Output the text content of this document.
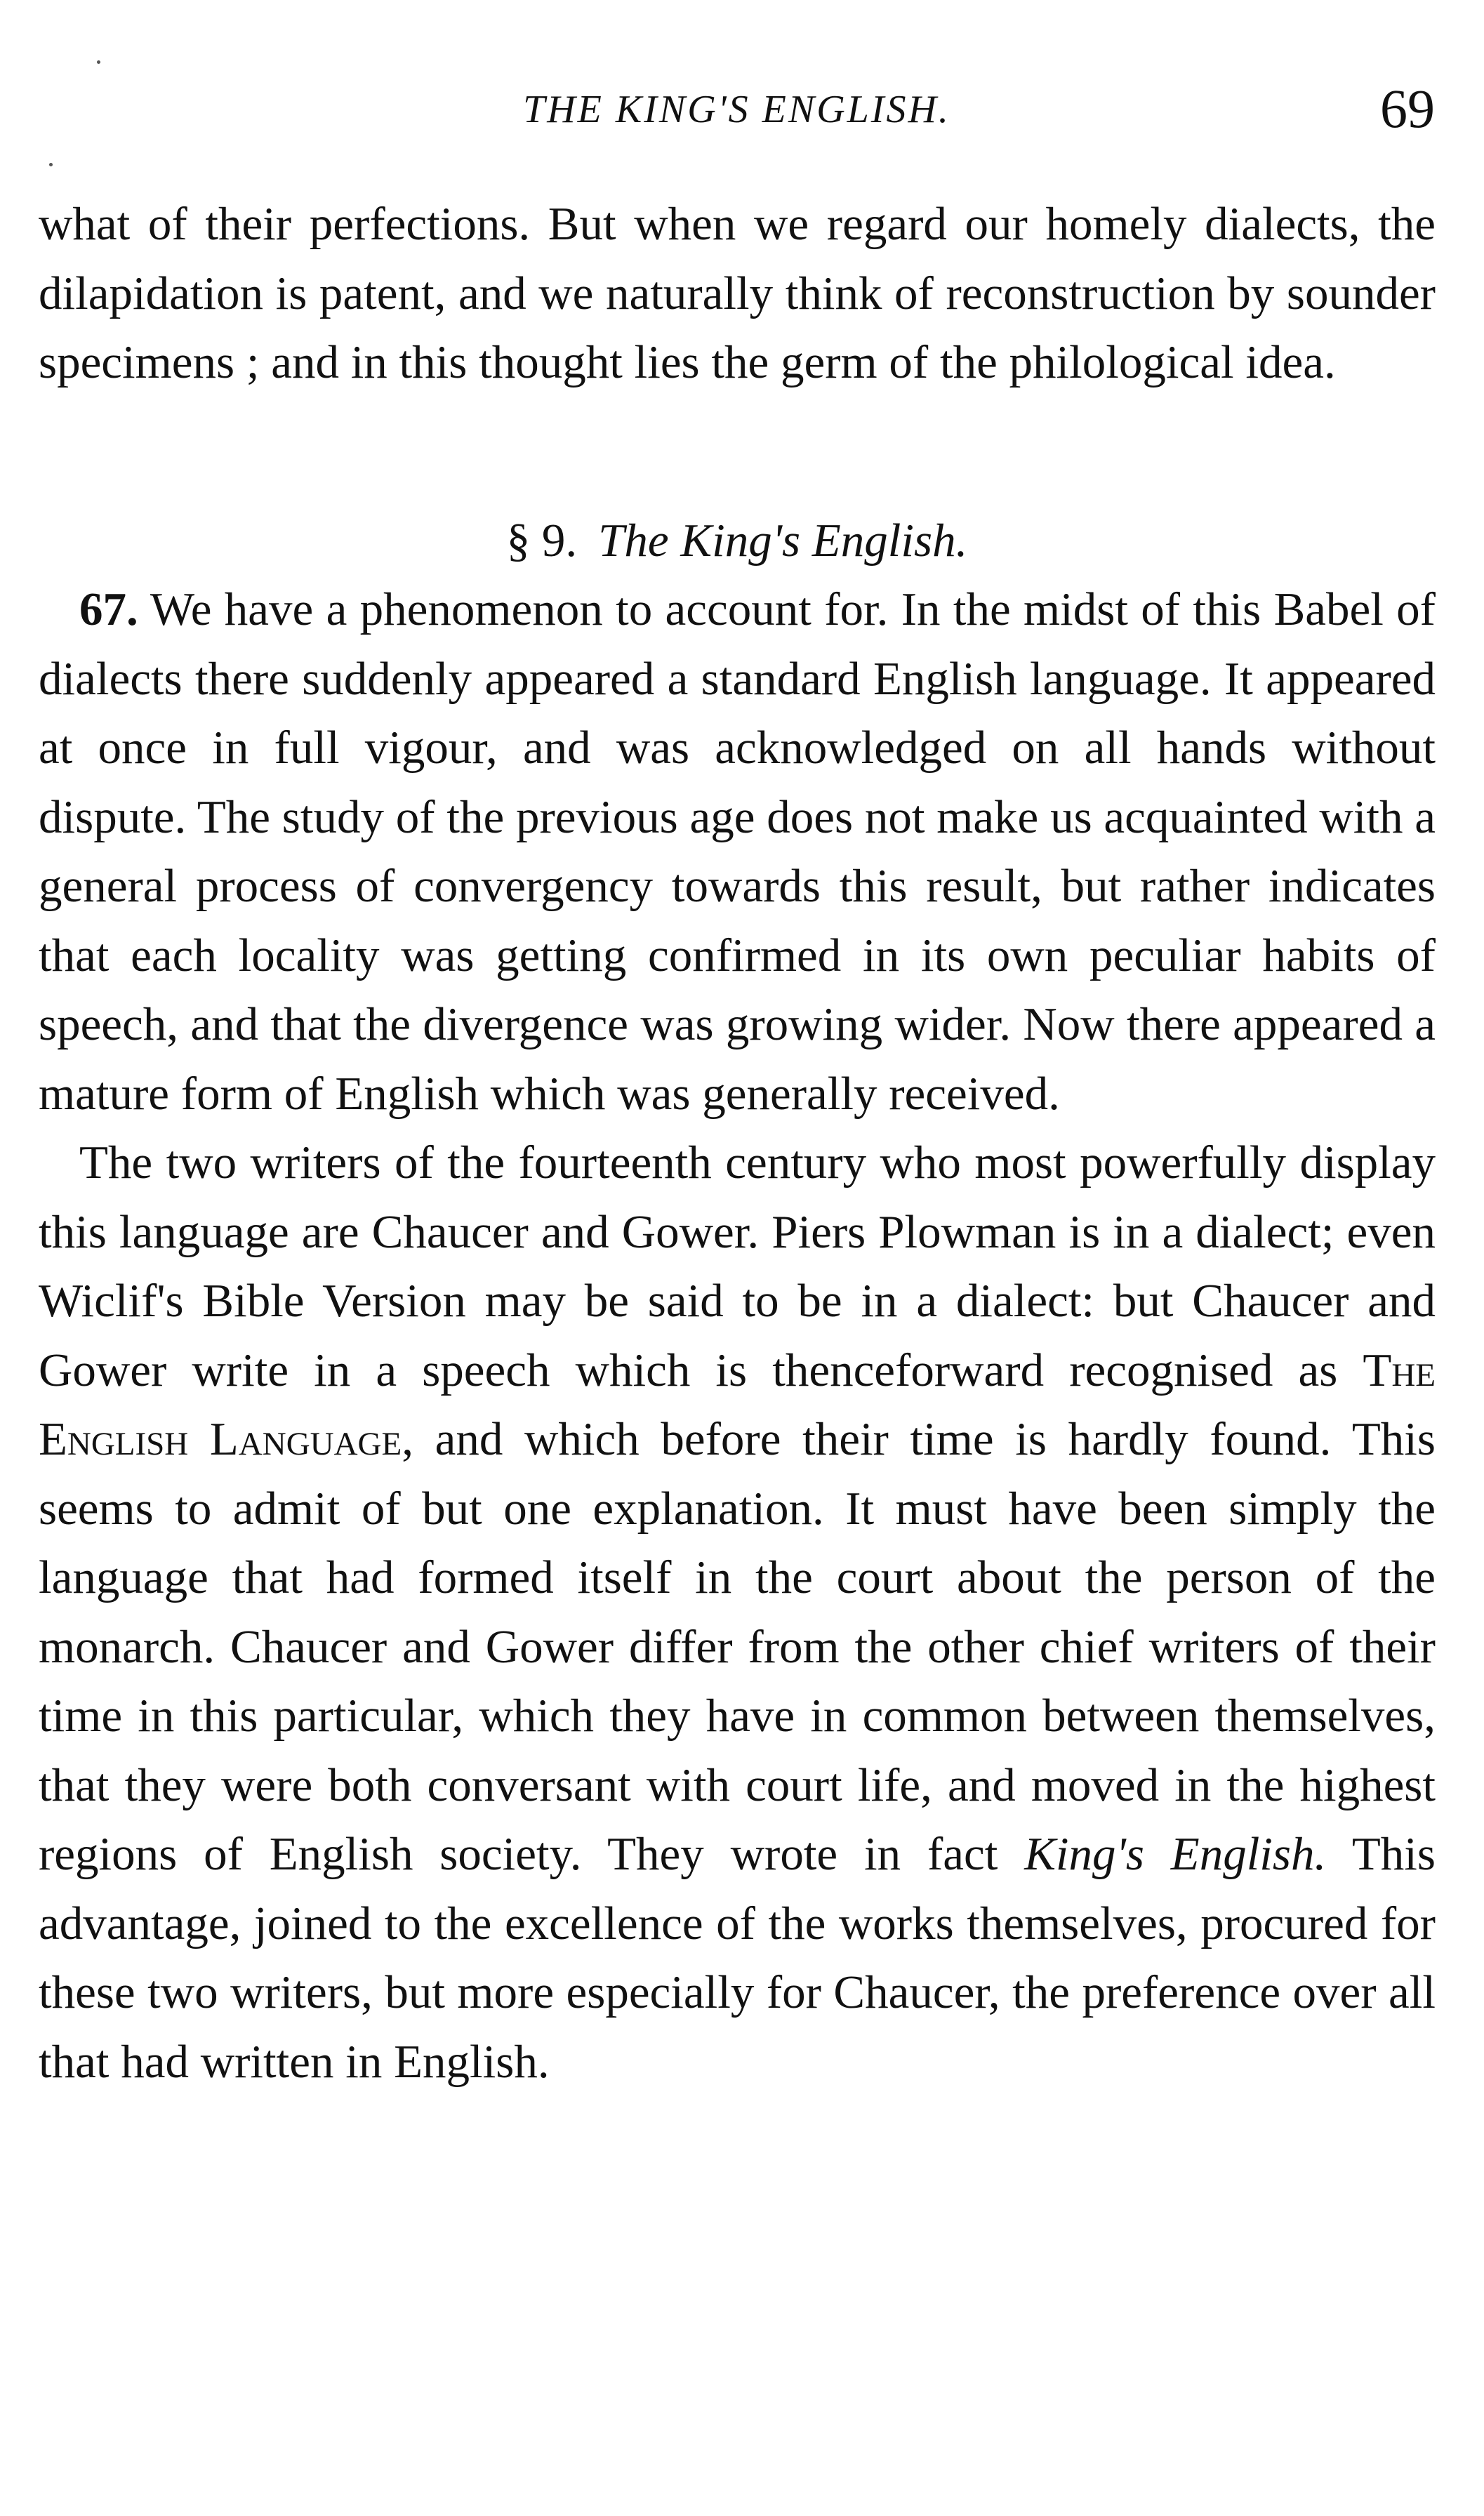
THE KING'S ENGLISH.	69

what of their perfections. But when we regard our homely dialects, the dilapidation is patent, and we naturally think of reconstruction by sounder specimens ; and in this thought lies the germ of the philological idea.

§ 9. The King's English.

67. We have a phenomenon to account for. In the midst of this Babel of dialects there suddenly appeared a standard English language. It appeared at once in full vigour, and was acknowledged on all hands without dispute. The study of the previous age does not make us acquainted with a general process of convergency towards this result, but rather indicates that each locality was getting confirmed in its own peculiar habits of speech, and that the divergence was growing wider. Now there appeared a mature form of English which was generally received.

The two writers of the fourteenth century who most powerfully display this language are Chaucer and Gower. Piers Plowman is in a dialect; even Wiclif's Bible Version may be said to be in a dialect: but Chaucer and Gower write in a speech which is thenceforward recognised as The English Language, and which before their time is hardly found. This seems to admit of but one explanation. It must have been simply the language that had formed itself in the court about the person of the monarch. Chaucer and Gower differ from the other chief writers of their time in this particular, which they have in common between themselves, that they were both conversant with court life, and moved in the highest regions of English society. They wrote in fact King's English. This advantage, joined to the excellence of the works themselves, procured for these two writers, but more especially for Chaucer, the preference over all that had written in English.
